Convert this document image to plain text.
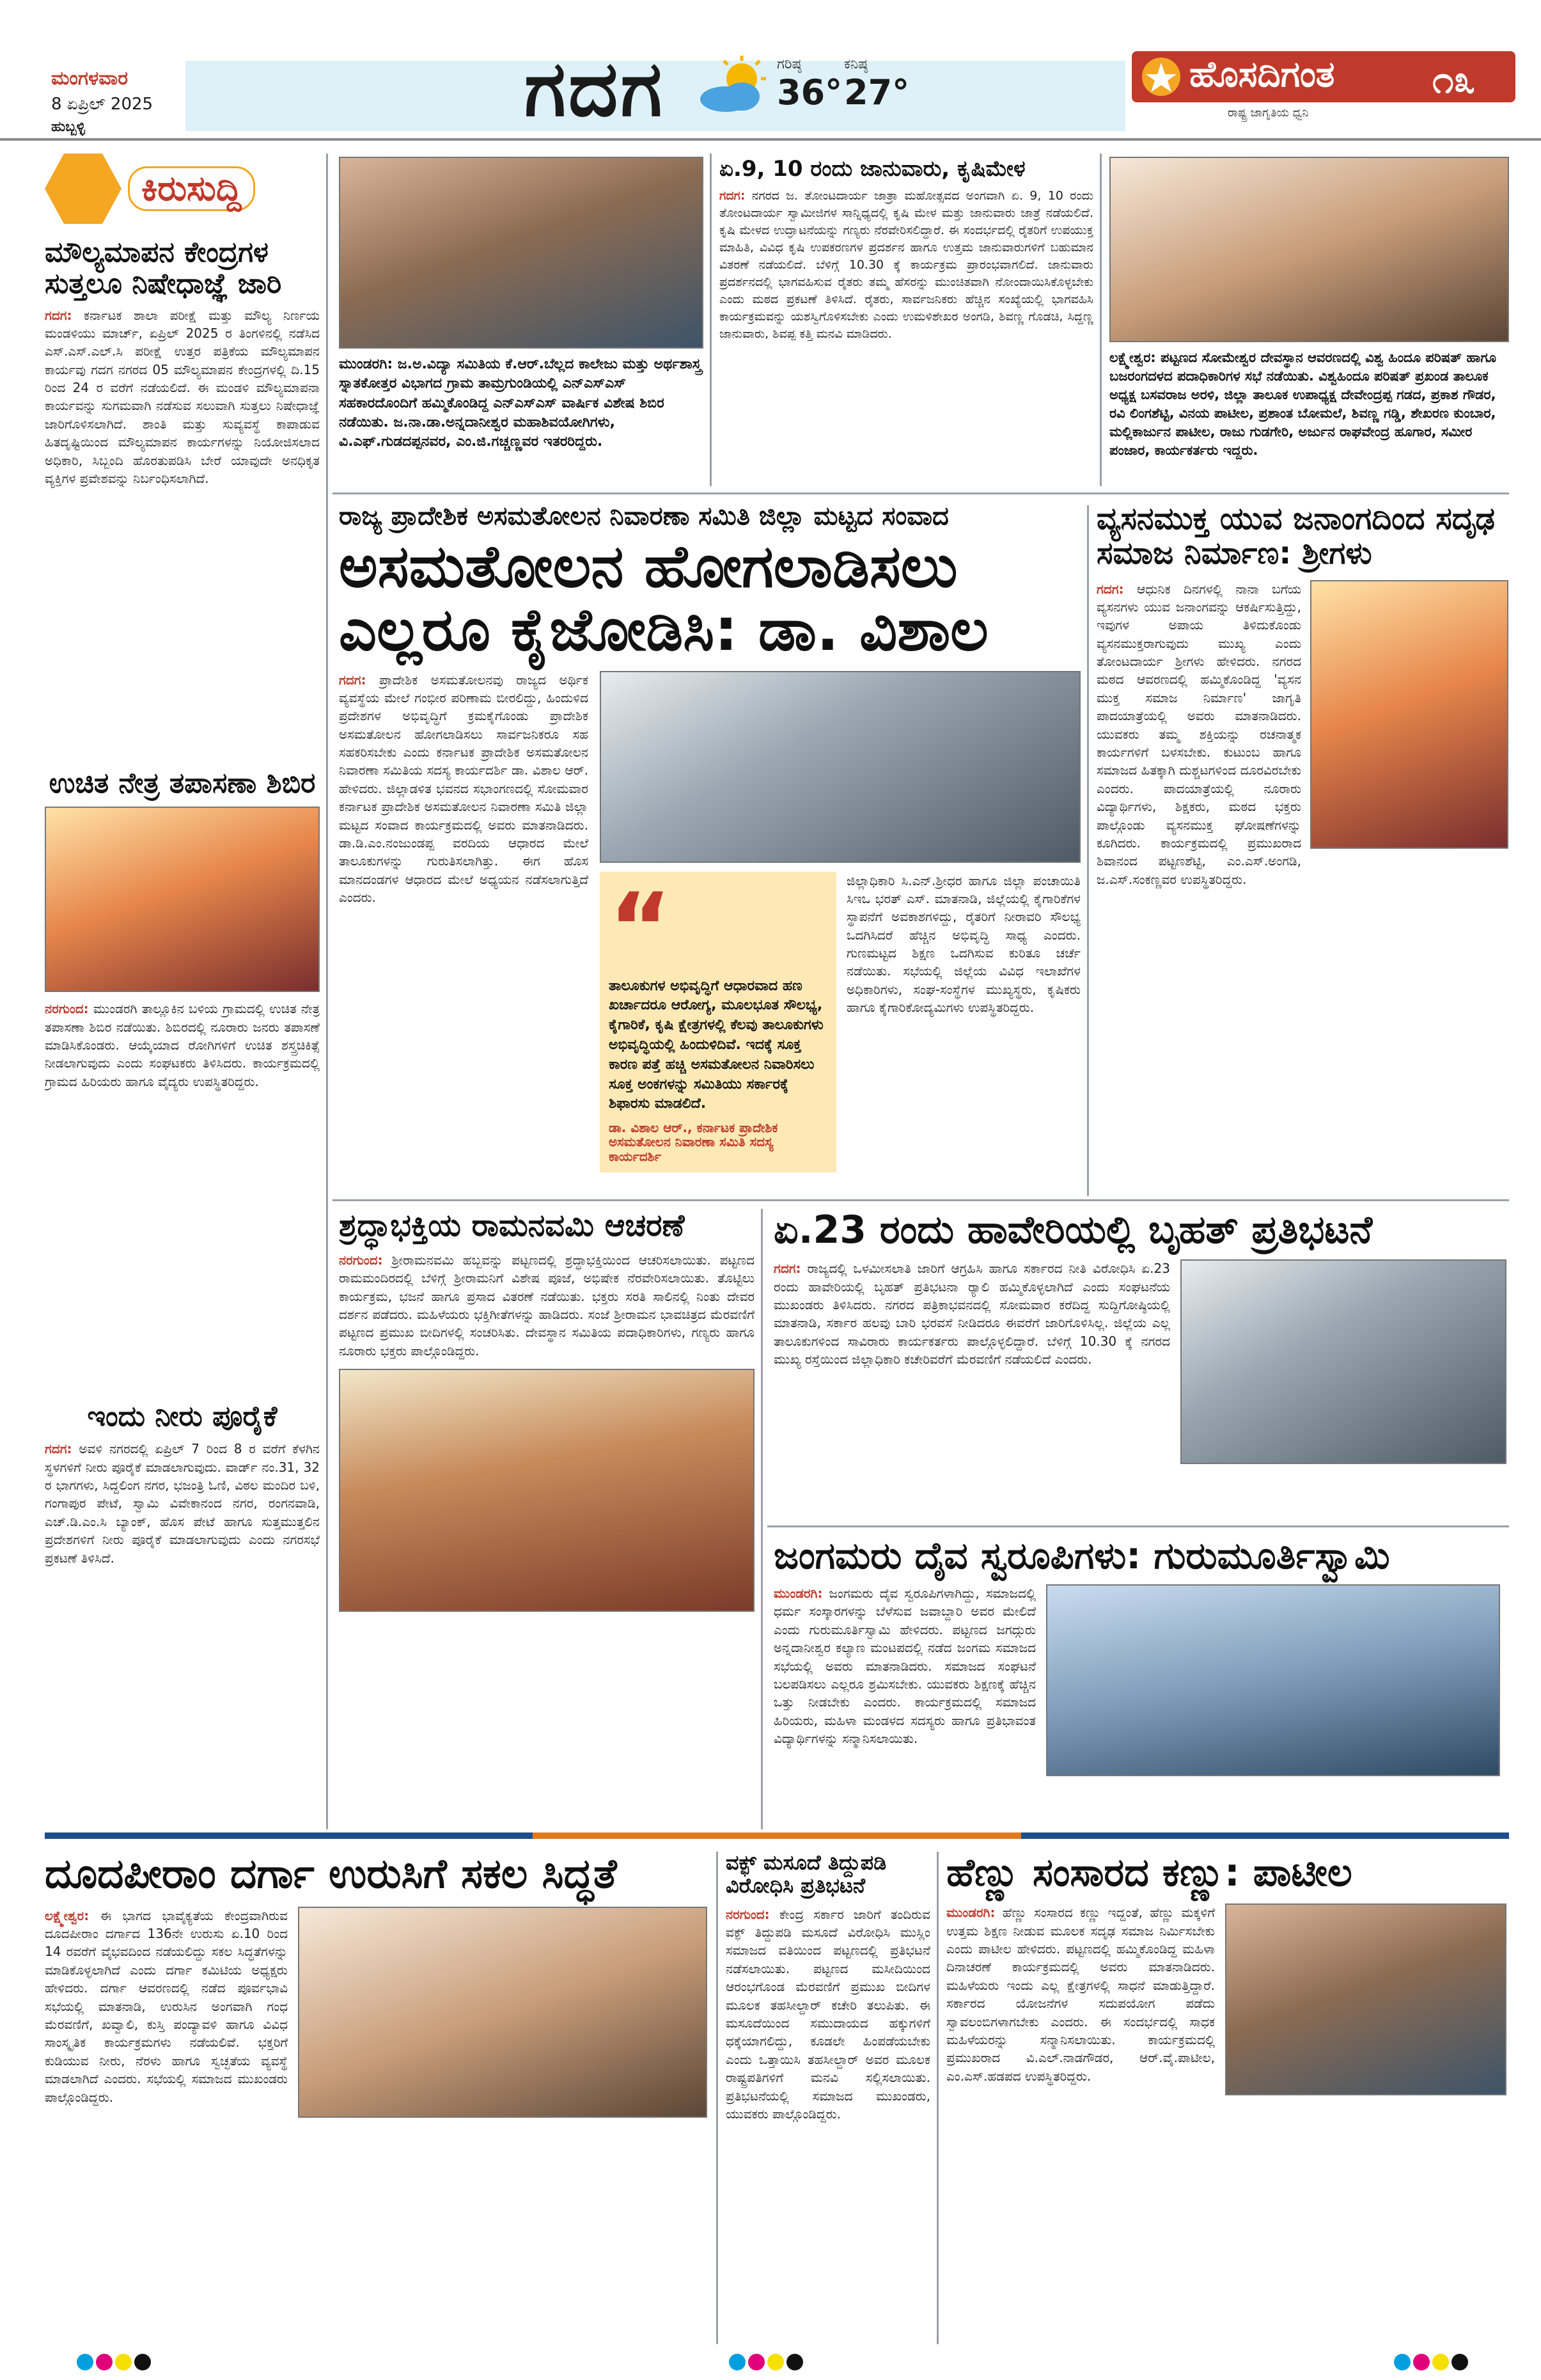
ಮಂಗಳವಾರ
8 ಏಪ್ರಿಲ್ 2025
ಹುಬ್ಬಳ್ಳಿ	ಗದಗ	ಗರಿಷ್ಠ
36°
ಕನಿಷ್ಠ
27°	ಹೊಸದಿಗಂತ	೧೩
ರಾಷ್ಟ್ರ ಜಾಗೃತಿಯ ಧ್ವನಿ
ಕಿರುಸುದ್ದಿ
ಮೌಲ್ಯಮಾಪನ ಕೇಂದ್ರಗಳ ಸುತ್ತಲೂ ನಿಷೇಧಾಜ್ಞೆ ಜಾರಿ
ಗದಗ: ಕರ್ನಾಟಕ ಶಾಲಾ ಪರೀಕ್ಷೆ ಮತ್ತು ಮೌಲ್ಯ ನಿರ್ಣಯ ಮಂಡಳಿಯು ಮಾರ್ಚ್, ಏಪ್ರಿಲ್ 2025 ರ ತಿಂಗಳಿನಲ್ಲಿ ನಡೆಸಿದ ಎಸ್.ಎಸ್.ಎಲ್.ಸಿ ಪರೀಕ್ಷೆ ಉತ್ತರ ಪತ್ರಿಕೆಯ ಮೌಲ್ಯಮಾಪನ ಕಾರ್ಯವು ಗದಗ ನಗರದ 05 ಮೌಲ್ಯಮಾಪನ ಕೇಂದ್ರಗಳಲ್ಲಿ ದಿ.15 ರಿಂದ 24 ರ ವರೆಗೆ ನಡೆಯಲಿದೆ. ಈ ಮಂಡಳಿ ಮೌಲ್ಯಮಾಪನಾ ಕಾರ್ಯವನ್ನು ಸುಗಮವಾಗಿ ನಡೆಸುವ ಸಲುವಾಗಿ ಸುತ್ತಲು ನಿಷೇಧಾಜ್ಞೆ ಜಾರಿಗೊಳಿಸಲಾಗಿದೆ. ಶಾಂತಿ ಮತ್ತು ಸುವ್ಯವಸ್ಥೆ ಕಾಪಾಡುವ ಹಿತದೃಷ್ಟಿಯಿಂದ ಮೌಲ್ಯಮಾಪನ ಕಾರ್ಯಗಳನ್ನು ನಿಯೋಜಿಸಲಾದ ಅಧಿಕಾರಿ, ಸಿಬ್ಬಂದಿ ಹೊರತುಪಡಿಸಿ ಬೇರೆ ಯಾವುದೇ ಅನಧಿಕೃತ ವ್ಯಕ್ತಿಗಳ ಪ್ರವೇಶವನ್ನು ನಿರ್ಬಂಧಿಸಲಾಗಿದೆ.
ಉಚಿತ ನೇತ್ರ ತಪಾಸಣಾ ಶಿಬಿರ
ನರಗುಂದ: ಮುಂಡರಗಿ ತಾಲ್ಲೂಕಿನ ಬಳಿಯ ಗ್ರಾಮದಲ್ಲಿ ಉಚಿತ ನೇತ್ರ ತಪಾಸಣಾ ಶಿಬಿರ ನಡೆಯಿತು. ಶಿಬಿರದಲ್ಲಿ ನೂರಾರು ಜನರು ತಪಾಸಣೆ ಮಾಡಿಸಿಕೊಂಡರು. ಆಯ್ಕೆಯಾದ ರೋಗಿಗಳಿಗೆ ಉಚಿತ ಶಸ್ತ್ರಚಿಕಿತ್ಸೆ ನೀಡಲಾಗುವುದು ಎಂದು ಸಂಘಟಕರು ತಿಳಿಸಿದರು. ಕಾರ್ಯಕ್ರಮದಲ್ಲಿ ಗ್ರಾಮದ ಹಿರಿಯರು ಹಾಗೂ ವೈದ್ಯರು ಉಪಸ್ಥಿತರಿದ್ದರು.
ಇಂದು ನೀರು ಪೂರೈಕೆ
ಗದಗ: ಅವಳಿ ನಗರದಲ್ಲಿ ಏಪ್ರಿಲ್ 7 ರಿಂದ 8 ರ ವರೆಗೆ ಕೆಳಗಿನ ಸ್ಥಳಗಳಿಗೆ ನೀರು ಪೂರೈಕೆ ಮಾಡಲಾಗುವುದು. ವಾರ್ಡ್ ನಂ.31, 32 ರ ಭಾಗಗಳು, ಸಿದ್ದಲಿಂಗ ನಗರ, ಭಜಂತ್ರಿ ಓಣಿ, ವಿಠಲ ಮಂದಿರ ಬಳಿ, ಗಂಗಾಪುರ ಪೇಟೆ, ಸ್ವಾಮಿ ವಿವೇಕಾನಂದ ನಗರ, ರಂಗನವಾಡಿ, ಎಚ್.ಡಿ.ಎಂ.ಸಿ ಬ್ಯಾಂಕ್, ಹೊಸ ಪೇಟೆ ಹಾಗೂ ಸುತ್ತಮುತ್ತಲಿನ ಪ್ರದೇಶಗಳಿಗೆ ನೀರು ಪೂರೈಕೆ ಮಾಡಲಾಗುವುದು ಎಂದು ನಗರಸಭೆ ಪ್ರಕಟಣೆ ತಿಳಿಸಿದೆ.
ಮುಂಡರಗಿ: ಜ.ಅ.ವಿದ್ಯಾ ಸಮಿತಿಯ ಕೆ.ಆರ್.ಬೆಲ್ಲದ ಕಾಲೇಜು ಮತ್ತು ಅರ್ಥಶಾಸ್ತ್ರ ಸ್ನಾತಕೋತ್ತರ ವಿಭಾಗದ ಗ್ರಾಮ ತಾಮ್ರಗುಂಡಿಯಲ್ಲಿ ಎನ್ಎಸ್ಎಸ್ ಸಹಕಾರದೊಂದಿಗೆ ಹಮ್ಮಿಕೊಂಡಿದ್ದ ಎನ್ಎಸ್ಎಸ್ ವಾರ್ಷಿಕ ವಿಶೇಷ ಶಿಬಿರ ನಡೆಯಿತು. ಜ.ನಾ.ಡಾ.ಅನ್ನದಾನೀಶ್ವರ ಮಹಾಶಿವಯೋಗಿಗಳು, ವಿ.ಎಫ್.ಗುಡದಪ್ಪನವರ, ಎಂ.ಜಿ.ಗಚ್ಚಣ್ಣವರ ಇತರರಿದ್ದರು.
ಏ.9, 10 ರಂದು ಜಾನುವಾರು, ಕೃಷಿಮೇಳ
ಗದಗ: ನಗರದ ಜ. ತೋಂಟದಾರ್ಯ ಜಾತ್ರಾ ಮಹೋತ್ಸವದ ಅಂಗವಾಗಿ ಏ. 9, 10 ರಂದು ತೋಂಟದಾರ್ಯ ಸ್ವಾಮೀಜಿಗಳ ಸಾನ್ನಿಧ್ಯದಲ್ಲಿ ಕೃಷಿ ಮೇಳ ಮತ್ತು ಜಾನುವಾರು ಜಾತ್ರೆ ನಡೆಯಲಿದೆ. ಕೃಷಿ ಮೇಳದ ಉದ್ಘಾಟನೆಯನ್ನು ಗಣ್ಯರು ನೆರವೇರಿಸಲಿದ್ದಾರೆ. ಈ ಸಂದರ್ಭದಲ್ಲಿ ರೈತರಿಗೆ ಉಪಯುಕ್ತ ಮಾಹಿತಿ, ವಿವಿಧ ಕೃಷಿ ಉಪಕರಣಗಳ ಪ್ರದರ್ಶನ ಹಾಗೂ ಉತ್ತಮ ಜಾನುವಾರುಗಳಿಗೆ ಬಹುಮಾನ ವಿತರಣೆ ನಡೆಯಲಿದೆ. ಬೆಳಿಗ್ಗೆ 10.30 ಕ್ಕೆ ಕಾರ್ಯಕ್ರಮ ಪ್ರಾರಂಭವಾಗಲಿದೆ. ಜಾನುವಾರು ಪ್ರದರ್ಶನದಲ್ಲಿ ಭಾಗವಹಿಸುವ ರೈತರು ತಮ್ಮ ಹೆಸರನ್ನು ಮುಂಚಿತವಾಗಿ ನೋಂದಾಯಿಸಿಕೊಳ್ಳಬೇಕು ಎಂದು ಮಠದ ಪ್ರಕಟಣೆ ತಿಳಿಸಿದೆ. ರೈತರು, ಸಾರ್ವಜನಿಕರು ಹೆಚ್ಚಿನ ಸಂಖ್ಯೆಯಲ್ಲಿ ಭಾಗವಹಿಸಿ ಕಾರ್ಯಕ್ರಮವನ್ನು ಯಶಸ್ವಿಗೊಳಿಸಬೇಕು ಎಂದು ಉಮಳಿಶೇಖರ ಅಂಗಡಿ, ಶಿವಣ್ಣ ಗೊಡಚಿ, ಸಿದ್ದಣ್ಣ ಜಾನುವಾರು, ಶಿವಪ್ಪ ಕತ್ತಿ ಮನವಿ ಮಾಡಿದರು.
ಲಕ್ಷ್ಮೇಶ್ವರ: ಪಟ್ಟಣದ ಸೋಮೇಶ್ವರ ದೇವಸ್ಥಾನ ಆವರಣದಲ್ಲಿ ವಿಶ್ವ ಹಿಂದೂ ಪರಿಷತ್ ಹಾಗೂ ಬಜರಂಗದಳದ ಪದಾಧಿಕಾರಿಗಳ ಸಭೆ ನಡೆಯಿತು. ವಿಶ್ವಹಿಂದೂ ಪರಿಷತ್ ಪ್ರಖಂಡ ತಾಲೂಕ ಅಧ್ಯಕ್ಷ ಬಸವರಾಜ ಅರಳಿ, ಜಿಲ್ಲಾ ತಾಲೂಕ ಉಪಾಧ್ಯಕ್ಷ ದೇವೇಂದ್ರಪ್ಪ ಗಡದ, ಪ್ರಕಾಶ ಗೌಡರ, ರವಿ ಲಿಂಗಶೆಟ್ಟಿ, ವಿನಯ ಪಾಟೀಲ, ಪ್ರಶಾಂತ ಬೋಮಲೆ, ಶಿವಣ್ಣ ಗಡ್ಡಿ, ಶೇಖರಣ ಕುಂಬಾರ, ಮಲ್ಲಿಕಾರ್ಜುನ ಪಾಟೀಲ, ರಾಜು ಗುಡಗೇರಿ, ಅರ್ಜುನ ರಾಘವೇಂದ್ರ ಹೂಗಾರ, ಸಮೀರ ಪಂಜಾರ, ಕಾರ್ಯಕರ್ತರು ಇದ್ದರು.
ರಾಜ್ಯ ಪ್ರಾದೇಶಿಕ ಅಸಮತೋಲನ ನಿವಾರಣಾ ಸಮಿತಿ ಜಿಲ್ಲಾ ಮಟ್ಟದ ಸಂವಾದ
ಅಸಮತೋಲನ ಹೋಗಲಾಡಿಸಲು ಎಲ್ಲರೂ ಕೈಜೋಡಿಸಿ: ಡಾ. ವಿಶಾಲ
ಗದಗ: ಪ್ರಾದೇಶಿಕ ಅಸಮತೋಲನವು ರಾಜ್ಯದ ಅರ್ಥಿಕ ವ್ಯವಸ್ಥೆಯ ಮೇಲೆ ಗಂಭೀರ ಪರಿಣಾಮ ಬೀರಲಿದ್ದು, ಹಿಂದುಳಿದ ಪ್ರದೇಶಗಳ ಅಭಿವೃದ್ಧಿಗೆ ಕ್ರಮಕೈಗೊಂಡು ಪ್ರಾದೇಶಿಕ ಅಸಮತೋಲನ ಹೋಗಲಾಡಿಸಲು ಸಾರ್ವಜನಿಕರೂ ಸಹ ಸಹಕರಿಸಬೇಕು ಎಂದು ಕರ್ನಾಟಕ ಪ್ರಾದೇಶಿಕ ಅಸಮತೋಲನ ನಿವಾರಣಾ ಸಮಿತಿಯ ಸದಸ್ಯ ಕಾರ್ಯದರ್ಶಿ ಡಾ. ವಿಶಾಲ ಆರ್. ಹೇಳಿದರು. ಜಿಲ್ಲಾಡಳಿತ ಭವನದ ಸಭಾಂಗಣದಲ್ಲಿ ಸೋಮವಾರ ಕರ್ನಾಟಕ ಪ್ರಾದೇಶಿಕ ಅಸಮತೋಲನ ನಿವಾರಣಾ ಸಮಿತಿ ಜಿಲ್ಲಾ ಮಟ್ಟದ ಸಂವಾದ ಕಾರ್ಯಕ್ರಮದಲ್ಲಿ ಅವರು ಮಾತನಾಡಿದರು. ಡಾ.ಡಿ.ಎಂ.ನಂಜುಂಡಪ್ಪ ವರದಿಯ ಆಧಾರದ ಮೇಲೆ ತಾಲೂಕುಗಳನ್ನು ಗುರುತಿಸಲಾಗಿತ್ತು. ಈಗ ಹೊಸ ಮಾನದಂಡಗಳ ಆಧಾರದ ಮೇಲೆ ಅಧ್ಯಯನ ನಡೆಸಲಾಗುತ್ತಿದೆ ಎಂದರು.	“
ತಾಲೂಕುಗಳ ಅಭಿವೃದ್ಧಿಗೆ ಆಧಾರವಾದ ಹಣ ಖರ್ಚಾದರೂ ಆರೋಗ್ಯ, ಮೂಲಭೂತ ಸೌಲಭ್ಯ, ಕೈಗಾರಿಕೆ, ಕೃಷಿ ಕ್ಷೇತ್ರಗಳಲ್ಲಿ ಕೆಲವು ತಾಲೂಕುಗಳು ಅಭಿವೃದ್ಧಿಯಲ್ಲಿ ಹಿಂದುಳಿದಿವೆ. ಇದಕ್ಕೆ ಸೂಕ್ತ ಕಾರಣ ಪತ್ತೆ ಹಚ್ಚಿ ಅಸಮತೋಲನ ನಿವಾರಿಸಲು ಸೂಕ್ತ ಅಂಕಗಳನ್ನು ಸಮಿತಿಯು ಸರ್ಕಾರಕ್ಕೆ ಶಿಫಾರಸು ಮಾಡಲಿದೆ.
ಡಾ. ವಿಶಾಲ ಆರ್., ಕರ್ನಾಟಕ ಪ್ರಾದೇಶಿಕ ಅಸಮತೋಲನ ನಿವಾರಣಾ ಸಮಿತಿ ಸದಸ್ಯ ಕಾರ್ಯದರ್ಶಿ
ಜಿಲ್ಲಾಧಿಕಾರಿ ಸಿ.ಎನ್.ಶ್ರೀಧರ ಹಾಗೂ ಜಿಲ್ಲಾ ಪಂಚಾಯಿತಿ ಸಿಇಒ ಭರತ್ ಎಸ್. ಮಾತನಾಡಿ, ಜಿಲ್ಲೆಯಲ್ಲಿ ಕೈಗಾರಿಕೆಗಳ ಸ್ಥಾಪನೆಗೆ ಅವಕಾಶಗಳಿದ್ದು, ರೈತರಿಗೆ ನೀರಾವರಿ ಸೌಲಭ್ಯ ಒದಗಿಸಿದರೆ ಹೆಚ್ಚಿನ ಅಭಿವೃದ್ಧಿ ಸಾಧ್ಯ ಎಂದರು. ಗುಣಮಟ್ಟದ ಶಿಕ್ಷಣ ಒದಗಿಸುವ ಕುರಿತೂ ಚರ್ಚೆ ನಡೆಯಿತು. ಸಭೆಯಲ್ಲಿ ಜಿಲ್ಲೆಯ ವಿವಿಧ ಇಲಾಖೆಗಳ ಅಧಿಕಾರಿಗಳು, ಸಂಘ-ಸಂಸ್ಥೆಗಳ ಮುಖ್ಯಸ್ಥರು, ಕೃಷಿಕರು ಹಾಗೂ ಕೈಗಾರಿಕೋದ್ಯಮಿಗಳು ಉಪಸ್ಥಿತರಿದ್ದರು.
ವ್ಯಸನಮುಕ್ತ ಯುವ ಜನಾಂಗದಿಂದ ಸದೃಢ ಸಮಾಜ ನಿರ್ಮಾಣ: ಶ್ರೀಗಳು
ಗದಗ: ಆಧುನಿಕ ದಿನಗಳಲ್ಲಿ ನಾನಾ ಬಗೆಯ ವ್ಯಸನಗಳು ಯುವ ಜನಾಂಗವನ್ನು ಆಕರ್ಷಿಸುತ್ತಿದ್ದು, ಇವುಗಳ ಅಪಾಯ ತಿಳಿದುಕೊಂಡು ವ್ಯಸನಮುಕ್ತರಾಗುವುದು ಮುಖ್ಯ ಎಂದು ತೋಂಟದಾರ್ಯ ಶ್ರೀಗಳು ಹೇಳಿದರು. ನಗರದ ಮಠದ ಆವರಣದಲ್ಲಿ ಹಮ್ಮಿಕೊಂಡಿದ್ದ 'ವ್ಯಸನ ಮುಕ್ತ ಸಮಾಜ ನಿರ್ಮಾಣ' ಜಾಗೃತಿ ಪಾದಯಾತ್ರೆಯಲ್ಲಿ ಅವರು ಮಾತನಾಡಿದರು. ಯುವಕರು ತಮ್ಮ ಶಕ್ತಿಯನ್ನು ರಚನಾತ್ಮಕ ಕಾರ್ಯಗಳಿಗೆ ಬಳಸಬೇಕು. ಕುಟುಂಬ ಹಾಗೂ ಸಮಾಜದ ಹಿತಕ್ಕಾಗಿ ದುಶ್ಚಟಗಳಿಂದ ದೂರವಿರಬೇಕು ಎಂದರು. ಪಾದಯಾತ್ರೆಯಲ್ಲಿ ನೂರಾರು ವಿದ್ಯಾರ್ಥಿಗಳು, ಶಿಕ್ಷಕರು, ಮಠದ ಭಕ್ತರು ಪಾಲ್ಗೊಂಡು ವ್ಯಸನಮುಕ್ತ ಘೋಷಣೆಗಳನ್ನು ಕೂಗಿದರು. ಕಾರ್ಯಕ್ರಮದಲ್ಲಿ ಪ್ರಮುಖರಾದ ಶಿವಾನಂದ ಪಟ್ಟಣಶೆಟ್ಟಿ, ಎಂ.ಎಸ್.ಅಂಗಡಿ, ಜ.ಎಸ್.ಸಂಕಣ್ಣವರ ಉಪಸ್ಥಿತರಿದ್ದರು.
ಶ್ರದ್ಧಾಭಕ್ತಿಯ ರಾಮನವಮಿ ಆಚರಣೆ
ನರಗುಂದ: ಶ್ರೀರಾಮನವಮಿ ಹಬ್ಬವನ್ನು ಪಟ್ಟಣದಲ್ಲಿ ಶ್ರದ್ಧಾಭಕ್ತಿಯಿಂದ ಆಚರಿಸಲಾಯಿತು. ಪಟ್ಟಣದ ರಾಮಮಂದಿರದಲ್ಲಿ ಬೆಳಿಗ್ಗೆ ಶ್ರೀರಾಮನಿಗೆ ವಿಶೇಷ ಪೂಜೆ, ಅಭಿಷೇಕ ನೆರವೇರಿಸಲಾಯಿತು. ತೊಟ್ಟಿಲು ಕಾರ್ಯಕ್ರಮ, ಭಜನೆ ಹಾಗೂ ಪ್ರಸಾದ ವಿತರಣೆ ನಡೆಯಿತು. ಭಕ್ತರು ಸರತಿ ಸಾಲಿನಲ್ಲಿ ನಿಂತು ದೇವರ ದರ್ಶನ ಪಡೆದರು. ಮಹಿಳೆಯರು ಭಕ್ತಿಗೀತೆಗಳನ್ನು ಹಾಡಿದರು. ಸಂಜೆ ಶ್ರೀರಾಮನ ಭಾವಚಿತ್ರದ ಮೆರವಣಿಗೆ ಪಟ್ಟಣದ ಪ್ರಮುಖ ಬೀದಿಗಳಲ್ಲಿ ಸಂಚರಿಸಿತು. ದೇವಸ್ಥಾನ ಸಮಿತಿಯ ಪದಾಧಿಕಾರಿಗಳು, ಗಣ್ಯರು ಹಾಗೂ ನೂರಾರು ಭಕ್ತರು ಪಾಲ್ಗೊಂಡಿದ್ದರು.
ಏ.23 ರಂದು ಹಾವೇರಿಯಲ್ಲಿ ಬೃಹತ್ ಪ್ರತಿಭಟನೆ
ಗದಗ: ರಾಜ್ಯದಲ್ಲಿ ಒಳಮೀಸಲಾತಿ ಜಾರಿಗೆ ಆಗ್ರಹಿಸಿ ಹಾಗೂ ಸರ್ಕಾರದ ನೀತಿ ವಿರೋಧಿಸಿ ಏ.23 ರಂದು ಹಾವೇರಿಯಲ್ಲಿ ಬೃಹತ್ ಪ್ರತಿಭಟನಾ ರ‍್ಯಾಲಿ ಹಮ್ಮಿಕೊಳ್ಳಲಾಗಿದೆ ಎಂದು ಸಂಘಟನೆಯ ಮುಖಂಡರು ತಿಳಿಸಿದರು. ನಗರದ ಪತ್ರಿಕಾಭವನದಲ್ಲಿ ಸೋಮವಾರ ಕರೆದಿದ್ದ ಸುದ್ದಿಗೋಷ್ಠಿಯಲ್ಲಿ ಮಾತನಾಡಿ, ಸರ್ಕಾರ ಹಲವು ಬಾರಿ ಭರವಸೆ ನೀಡಿದರೂ ಈವರೆಗೆ ಜಾರಿಗೊಳಿಸಿಲ್ಲ. ಜಿಲ್ಲೆಯ ಎಲ್ಲ ತಾಲೂಕುಗಳಿಂದ ಸಾವಿರಾರು ಕಾರ್ಯಕರ್ತರು ಪಾಲ್ಗೊಳ್ಳಲಿದ್ದಾರೆ. ಬೆಳಿಗ್ಗೆ 10.30 ಕ್ಕೆ ನಗರದ ಮುಖ್ಯ ರಸ್ತೆಯಿಂದ ಜಿಲ್ಲಾಧಿಕಾರಿ ಕಚೇರಿವರೆಗೆ ಮೆರವಣಿಗೆ ನಡೆಯಲಿದೆ ಎಂದರು.
ಜಂಗಮರು ದೈವ ಸ್ವರೂಪಿಗಳು: ಗುರುಮೂರ್ತಿಸ್ವಾಮಿ
ಮುಂಡರಗಿ: ಜಂಗಮರು ದೈವ ಸ್ವರೂಪಿಗಳಾಗಿದ್ದು, ಸಮಾಜದಲ್ಲಿ ಧರ್ಮ ಸಂಸ್ಕಾರಗಳನ್ನು ಬೆಳೆಸುವ ಜವಾಬ್ದಾರಿ ಅವರ ಮೇಲಿದೆ ಎಂದು ಗುರುಮೂರ್ತಿಸ್ವಾಮಿ ಹೇಳಿದರು. ಪಟ್ಟಣದ ಜಗದ್ಗುರು ಅನ್ನದಾನೀಶ್ವರ ಕಲ್ಯಾಣ ಮಂಟಪದಲ್ಲಿ ನಡೆದ ಜಂಗಮ ಸಮಾಜದ ಸಭೆಯಲ್ಲಿ ಅವರು ಮಾತನಾಡಿದರು. ಸಮಾಜದ ಸಂಘಟನೆ ಬಲಪಡಿಸಲು ಎಲ್ಲರೂ ಶ್ರಮಿಸಬೇಕು. ಯುವಕರು ಶಿಕ್ಷಣಕ್ಕೆ ಹೆಚ್ಚಿನ ಒತ್ತು ನೀಡಬೇಕು ಎಂದರು. ಕಾರ್ಯಕ್ರಮದಲ್ಲಿ ಸಮಾಜದ ಹಿರಿಯರು, ಮಹಿಳಾ ಮಂಡಳದ ಸದಸ್ಯರು ಹಾಗೂ ಪ್ರತಿಭಾವಂತ ವಿದ್ಯಾರ್ಥಿಗಳನ್ನು ಸನ್ಮಾನಿಸಲಾಯಿತು.
ದೂದಪೀರಾಂ ದರ್ಗಾ ಉರುಸಿಗೆ ಸಕಲ ಸಿದ್ಧತೆ
ಲಕ್ಷ್ಮೇಶ್ವರ: ಈ ಭಾಗದ ಭಾವೈಕ್ಯತೆಯ ಕೇಂದ್ರವಾಗಿರುವ ದೂದಪೀರಾಂ ದರ್ಗಾದ 136ನೇ ಉರುಸು ಏ.10 ರಿಂದ 14 ರವರೆಗೆ ವೈಭವದಿಂದ ನಡೆಯಲಿದ್ದು ಸಕಲ ಸಿದ್ಧತೆಗಳನ್ನು ಮಾಡಿಕೊಳ್ಳಲಾಗಿದೆ ಎಂದು ದರ್ಗಾ ಕಮಿಟಿಯ ಅಧ್ಯಕ್ಷರು ಹೇಳಿದರು. ದರ್ಗಾ ಆವರಣದಲ್ಲಿ ನಡೆದ ಪೂರ್ವಭಾವಿ ಸಭೆಯಲ್ಲಿ ಮಾತನಾಡಿ, ಉರುಸಿನ ಅಂಗವಾಗಿ ಗಂಧ ಮೆರವಣಿಗೆ, ಖವ್ವಾಲಿ, ಕುಸ್ತಿ ಪಂದ್ಯಾವಳಿ ಹಾಗೂ ವಿವಿಧ ಸಾಂಸ್ಕೃತಿಕ ಕಾರ್ಯಕ್ರಮಗಳು ನಡೆಯಲಿವೆ. ಭಕ್ತರಿಗೆ ಕುಡಿಯುವ ನೀರು, ನೆರಳು ಹಾಗೂ ಸ್ವಚ್ಛತೆಯ ವ್ಯವಸ್ಥೆ ಮಾಡಲಾಗಿದೆ ಎಂದರು. ಸಭೆಯಲ್ಲಿ ಸಮಾಜದ ಮುಖಂಡರು ಪಾಲ್ಗೊಂಡಿದ್ದರು.
ವಕ್ಫ್ ಮಸೂದೆ ತಿದ್ದುಪಡಿ ವಿರೋಧಿಸಿ ಪ್ರತಿಭಟನೆ
ನರಗುಂದ: ಕೇಂದ್ರ ಸರ್ಕಾರ ಜಾರಿಗೆ ತಂದಿರುವ ವಕ್ಫ್ ತಿದ್ದುಪಡಿ ಮಸೂದೆ ವಿರೋಧಿಸಿ ಮುಸ್ಲಿಂ ಸಮಾಜದ ವತಿಯಿಂದ ಪಟ್ಟಣದಲ್ಲಿ ಪ್ರತಿಭಟನೆ ನಡೆಸಲಾಯಿತು. ಪಟ್ಟಣದ ಮಸೀದಿಯಿಂದ ಆರಂಭಗೊಂಡ ಮೆರವಣಿಗೆ ಪ್ರಮುಖ ಬೀದಿಗಳ ಮೂಲಕ ತಹಸೀಲ್ದಾರ್ ಕಚೇರಿ ತಲುಪಿತು. ಈ ಮಸೂದೆಯಿಂದ ಸಮುದಾಯದ ಹಕ್ಕುಗಳಿಗೆ ಧಕ್ಕೆಯಾಗಲಿದ್ದು, ಕೂಡಲೇ ಹಿಂಪಡೆಯಬೇಕು ಎಂದು ಒತ್ತಾಯಿಸಿ ತಹಸೀಲ್ದಾರ್ ಅವರ ಮೂಲಕ ರಾಷ್ಟ್ರಪತಿಗಳಿಗೆ ಮನವಿ ಸಲ್ಲಿಸಲಾಯಿತು. ಪ್ರತಿಭಟನೆಯಲ್ಲಿ ಸಮಾಜದ ಮುಖಂಡರು, ಯುವಕರು ಪಾಲ್ಗೊಂಡಿದ್ದರು.
ಹೆಣ್ಣು ಸಂಸಾರದ ಕಣ್ಣು: ಪಾಟೀಲ
ಮುಂಡರಗಿ: ಹೆಣ್ಣು ಸಂಸಾರದ ಕಣ್ಣು ಇದ್ದಂತೆ, ಹೆಣ್ಣು ಮಕ್ಕಳಿಗೆ ಉತ್ತಮ ಶಿಕ್ಷಣ ನೀಡುವ ಮೂಲಕ ಸದೃಢ ಸಮಾಜ ನಿರ್ಮಿಸಬೇಕು ಎಂದು ಪಾಟೀಲ ಹೇಳಿದರು. ಪಟ್ಟಣದಲ್ಲಿ ಹಮ್ಮಿಕೊಂಡಿದ್ದ ಮಹಿಳಾ ದಿನಾಚರಣೆ ಕಾರ್ಯಕ್ರಮದಲ್ಲಿ ಅವರು ಮಾತನಾಡಿದರು. ಮಹಿಳೆಯರು ಇಂದು ಎಲ್ಲ ಕ್ಷೇತ್ರಗಳಲ್ಲಿ ಸಾಧನೆ ಮಾಡುತ್ತಿದ್ದಾರೆ. ಸರ್ಕಾರದ ಯೋಜನೆಗಳ ಸದುಪಯೋಗ ಪಡೆದು ಸ್ವಾವಲಂಬಿಗಳಾಗಬೇಕು ಎಂದರು. ಈ ಸಂದರ್ಭದಲ್ಲಿ ಸಾಧಕ ಮಹಿಳೆಯರನ್ನು ಸನ್ಮಾನಿಸಲಾಯಿತು. ಕಾರ್ಯಕ್ರಮದಲ್ಲಿ ಪ್ರಮುಖರಾದ ವಿ.ಎಲ್.ನಾಡಗೌಡರ, ಆರ್.ವೈ.ಪಾಟೀಲ, ಎಂ.ಎಸ್.ಹಡಪದ ಉಪಸ್ಥಿತರಿದ್ದರು.
